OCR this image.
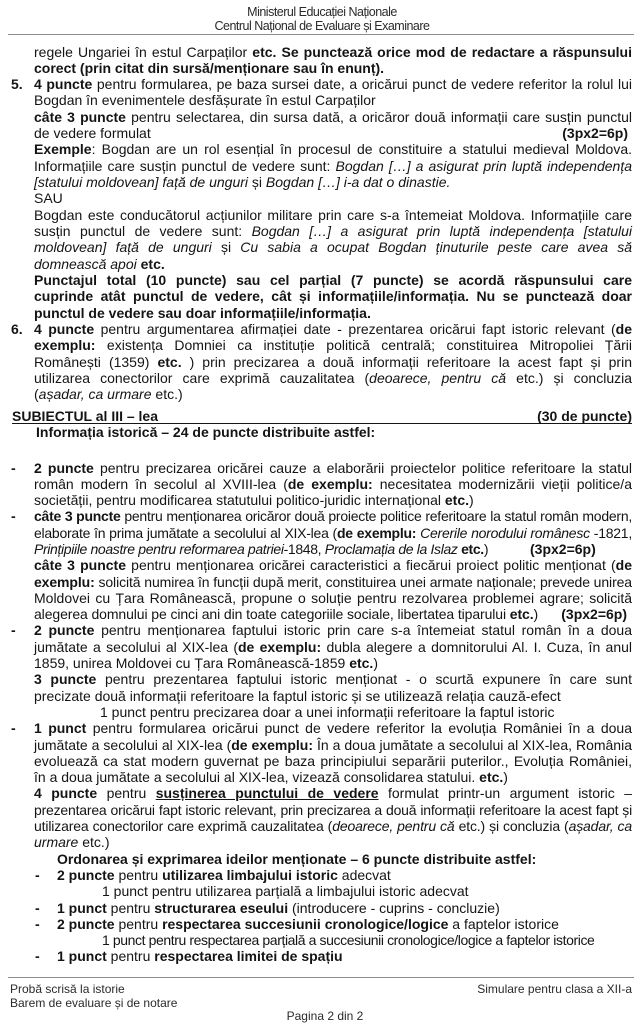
Ministerul Educației Naționale
Centrul Național de Evaluare și Examinare
regele Ungariei în estul Carpaților etc. Se punctează orice mod de redactare a răspunsului
corect (prin citat din sursă/menționare sau în enunț).
5. 4 puncte pentru formularea, pe baza sursei date, a oricărui punct de vedere referitor la rolul lui
Bogdan în evenimentele desfășurate în estul Carpaților
câte 3 puncte pentru selectarea, din sursa dată, a oricăror două informații care susțin punctul
de vedere formulat	(3px2=6p)
Exemple: Bogdan are un rol esențial în procesul de constituire a statului medieval Moldova.
Informațiile care susțin punctul de vedere sunt: Bogdan […] a asigurat prin luptă independența
[statului moldovean] față de unguri și Bogdan […] i-a dat o dinastie.
SAU
Bogdan este conducătorul acțiunilor militare prin care s-a întemeiat Moldova. Informațiile care
susțin punctul de vedere sunt: Bogdan […] a asigurat prin luptă independența [statului
moldovean] față de unguri și Cu sabia a ocupat Bogdan ținuturile peste care avea să
domnească apoi etc.
Punctajul total (10 puncte) sau cel parțial (7 puncte) se acordă răspunsului care
cuprinde atât punctul de vedere, cât și informațiile/informația. Nu se punctează doar
punctul de vedere sau doar informațiile/informația.
6. 4 puncte pentru argumentarea afirmației date - prezentarea oricărui fapt istoric relevant (de
exemplu: existența Domniei ca instituție politică centrală; constituirea Mitropoliei Țării
Românești (1359) etc. ) prin precizarea a două informații referitoare la acest fapt și prin
utilizarea conectorilor care exprimă cauzalitatea (deoarece, pentru că etc.) și concluzia
(așadar, ca urmare etc.)
SUBIECTUL al III – lea	(30 de puncte)
Informația istorică – 24 de puncte distribuite astfel:
- 2 puncte pentru precizarea oricărei cauze a elaborării proiectelor politice referitoare la statul
român modern în secolul al XVIII-lea (de exemplu: necesitatea modernizării vieții politice/a
societății, pentru modificarea statutului politico-juridic internațional etc.)
- câte 3 puncte pentru menționarea oricăror două proiecte politice referitoare la statul român modern,
elaborate în prima jumătate a secolului al XIX-lea (de exemplu: Cererile norodului românesc -1821,
Prințipiile noastre pentru reformarea patriei-1848, Proclamația de la Islaz etc.)	(3px2=6p)
câte 3 puncte pentru menționarea oricărei caracteristici a fiecărui proiect politic menționat (de
exemplu: solicită numirea în funcții după merit, constituirea unei armate naționale; prevede unirea
Moldovei cu Țara Românească, propune o soluție pentru rezolvarea problemei agrare; solicită
alegerea domnului pe cinci ani din toate categoriile sociale, libertatea tiparului etc.) (3px2=6p)
- 2 puncte pentru menționarea faptului istoric prin care s-a întemeiat statul român în a doua
jumătate a secolului al XIX-lea (de exemplu: dubla alegere a domnitorului Al. I. Cuza, în anul
1859, unirea Moldovei cu Țara Românească-1859 etc.)
3 puncte pentru prezentarea faptului istoric menționat - o scurtă expunere în care sunt
precizate două informații referitoare la faptul istoric și se utilizează relația cauză-efect
1 punct pentru precizarea doar a unei informații referitoare la faptul istoric
- 1 punct pentru formularea oricărui punct de vedere referitor la evoluția României în a doua
jumătate a secolului al XIX-lea (de exemplu: În a doua jumătate a secolului al XIX-lea, România
evoluează ca stat modern guvernat pe baza principiului separării puterilor., Evoluția României,
în a doua jumătate a secolului al XIX-lea, vizează consolidarea statului. etc.)
4 puncte pentru susținerea punctului de vedere formulat printr-un argument istoric –
prezentarea oricărui fapt istoric relevant, prin precizarea a două informații referitoare la acest fapt și
utilizarea conectorilor care exprimă cauzalitatea (deoarece, pentru că etc.) și concluzia (așadar, ca
urmare etc.)
Ordonarea și exprimarea ideilor menționate – 6 puncte distribuite astfel:
- 2 puncte pentru utilizarea limbajului istoric adecvat
1 punct pentru utilizarea parțială a limbajului istoric adecvat
- 1 punct pentru structurarea eseului (introducere - cuprins - concluzie)
- 2 puncte pentru respectarea succesiunii cronologice/logice a faptelor istorice
1 punct pentru respectarea parțială a succesiunii cronologice/logice a faptelor istorice
- 1 punct pentru respectarea limitei de spațiu
Probă scrisă la istorie	Simulare pentru clasa a XII-a
Barem de evaluare și de notare
Pagina 2 din 2
